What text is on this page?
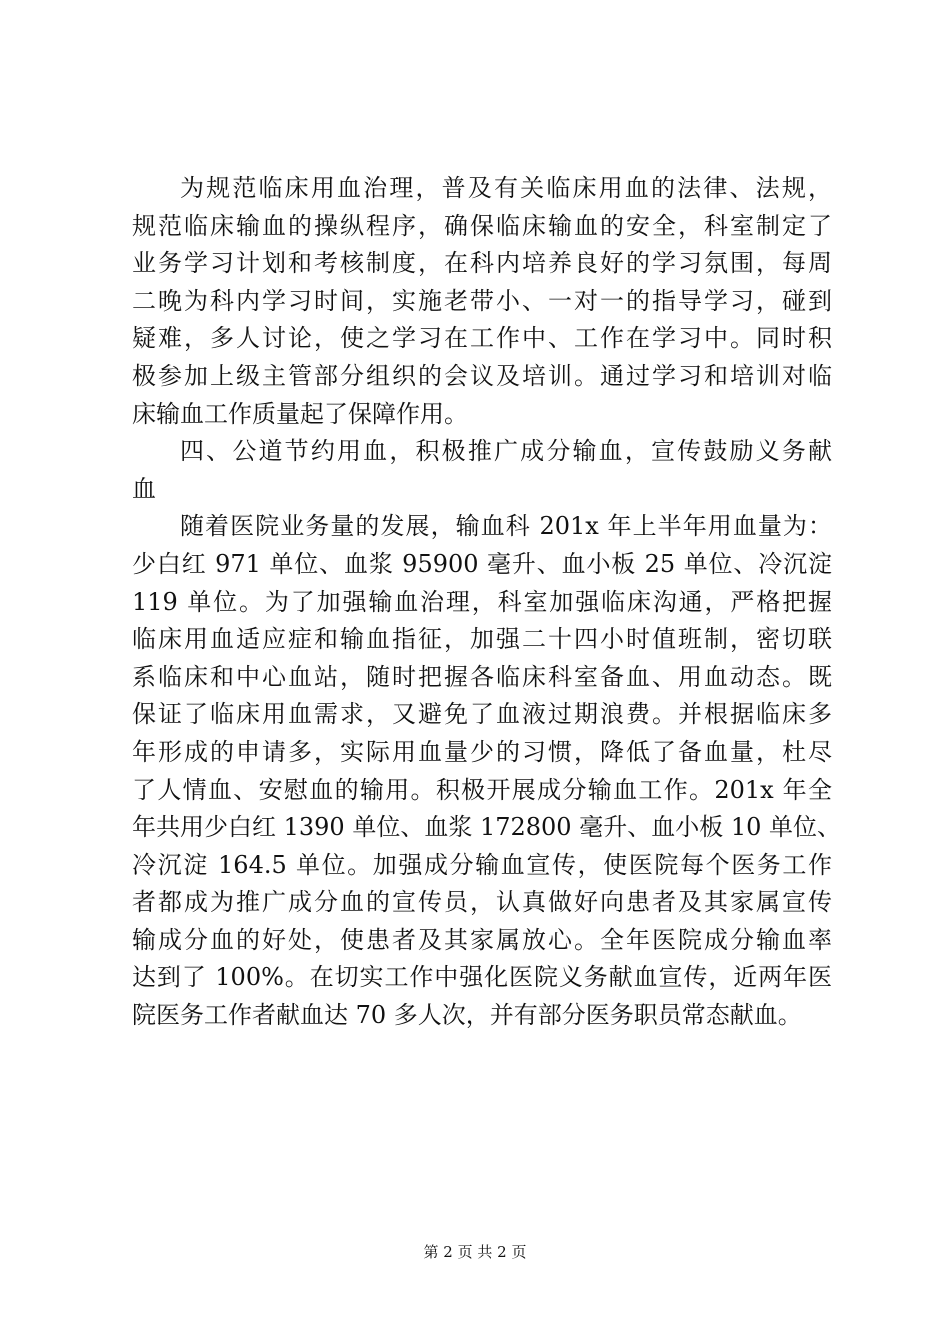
为规范临床用血治理，普及有关临床用血的法律、法规，
规范临床输血的操纵程序，确保临床输血的安全，科室制定了
业务学习计划和考核制度，在科内培养良好的学习氛围，每周
二晚为科内学习时间，实施老带小、一对一的指导学习，碰到
疑难，多人讨论，使之学习在工作中、工作在学习中。同时积
极参加上级主管部分组织的会议及培训。通过学习和培训对临
床输血工作质量起了保障作用。
四、公道节约用血，积极推广成分输血，宣传鼓励义务献
血
随着医院业务量的发展，输血科 201x 年上半年用血量为：
少白红 971 单位、血浆 95900 毫升、血小板 25 单位、冷沉淀
119 单位。为了加强输血治理，科室加强临床沟通，严格把握
临床用血适应症和输血指征，加强二十四小时值班制，密切联
系临床和中心血站，随时把握各临床科室备血、用血动态。既
保证了临床用血需求，又避免了血液过期浪费。并根据临床多
年形成的申请多，实际用血量少的习惯，降低了备血量，杜尽
了人情血、安慰血的输用。积极开展成分输血工作。201x 年全
年共用少白红 1390 单位、血浆 172800 毫升、血小板 10 单位、
冷沉淀 164.5 单位。加强成分输血宣传，使医院每个医务工作
者都成为推广成分血的宣传员，认真做好向患者及其家属宣传
输成分血的好处，使患者及其家属放心。全年医院成分输血率
达到了 100%。在切实工作中强化医院义务献血宣传，近两年医
院医务工作者献血达 70 多人次，并有部分医务职员常态献血。
第 2 页 共 2 页
